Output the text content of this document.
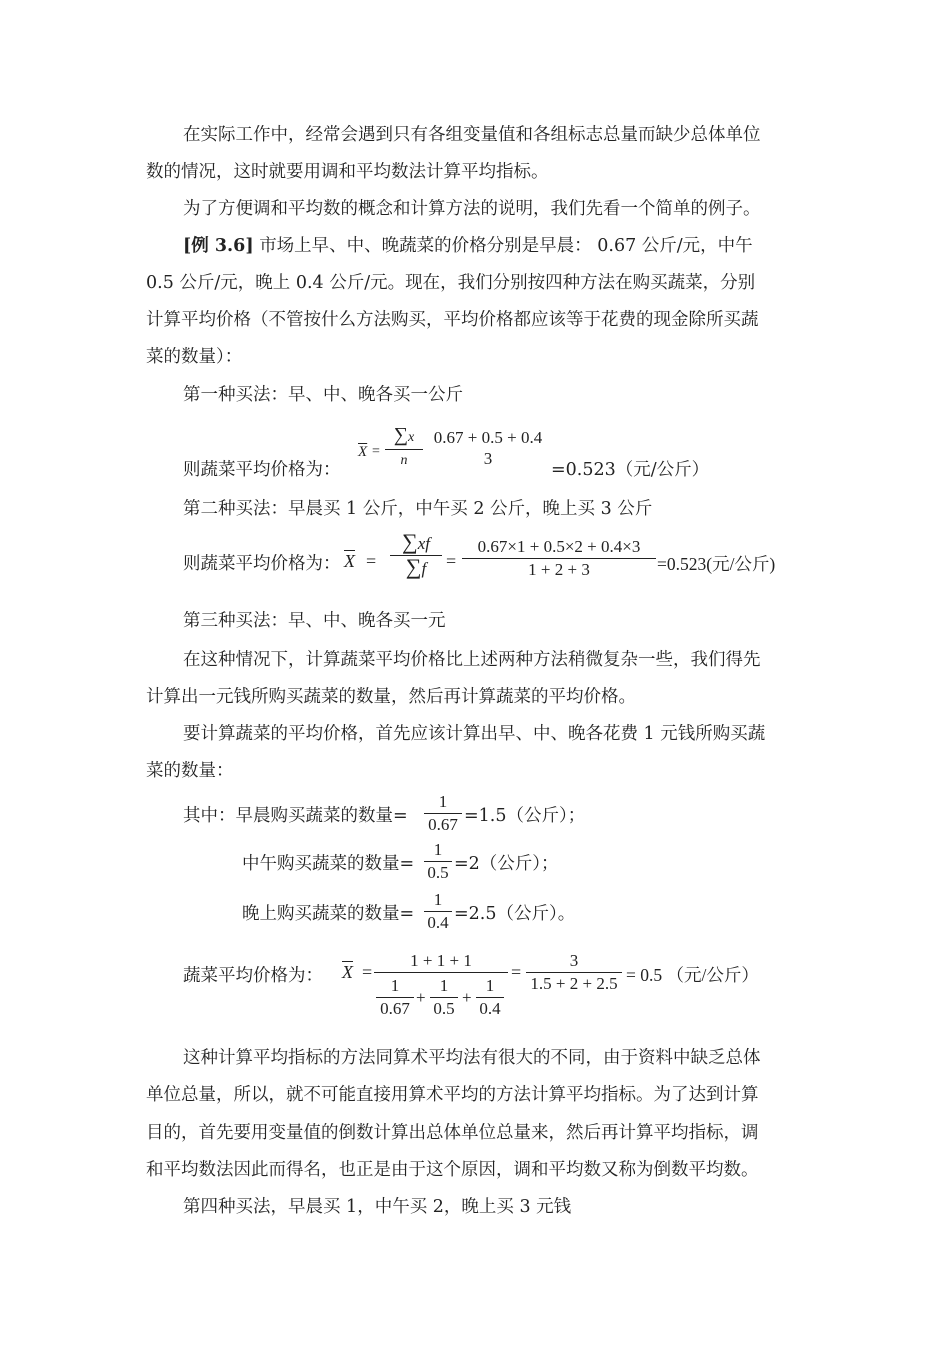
在实际工作中，经常会遇到只有各组变量值和各组标志总量而缺少总体单位
数的情况，这时就要用调和平均数法计算平均指标。
为了方便调和平均数的概念和计算方法的说明，我们先看一个简单的例子。
[例 3.6] 市场上早、中、晚蔬菜的价格分别是早晨： 0.67 公斤/元，中午
0.5 公斤/元，晚上 0.4 公斤/元。现在，我们分别按四种方法在购买蔬菜，分别
计算平均价格（不管按什么方法购买，平均价格都应该等于花费的现金除所买蔬
菜的数量）：
第一种买法：早、中、晚各买一公斤
则蔬菜平均价格为：
$\overline{X}$ =
∑x
n
0.67 + 0.5 + 0.4
3
=0.523（元/公斤）
第二种买法：早晨买 1 公斤，中午买 2 公斤，晚上买 3 公斤
则蔬菜平均价格为： $\overline{X}$ =
∑xf
∑f	=
0.67×1 + 0.5×2 + 0.4×3
1 + 2 + 3	=0.523(元/公斤)
第三种买法：早、中、晚各买一元
在这种情况下，计算蔬菜平均价格比上述两种方法稍微复杂一些，我们得先
计算出一元钱所购买蔬菜的数量，然后再计算蔬菜的平均价格。
要计算蔬菜的平均价格，首先应该计算出早、中、晚各花费 1 元钱所购买蔬
菜的数量：
其中：早晨购买蔬菜的数量=
1
0.67 =1.5（公斤）；
中午购买蔬菜的数量=
1
0.5 =2（公斤）；
晚上购买蔬菜的数量=
1
0.4 =2.5（公斤）。
蔬菜平均价格为： $\overline{X}$ =
1 + 1 + 1
1
0.67
+
1
0.5
+
1
0.4
=
3
1.5 + 2 + 2.5 = 0.5 （元/公斤）
这种计算平均指标的方法同算术平均法有很大的不同，由于资料中缺乏总体
单位总量，所以，就不可能直接用算术平均的方法计算平均指标。为了达到计算
目的，首先要用变量值的倒数计算出总体单位总量来，然后再计算平均指标，调
和平均数法因此而得名，也正是由于这个原因，调和平均数又称为倒数平均数。
第四种买法，早晨买 1，中午买 2，晚上买 3 元钱
